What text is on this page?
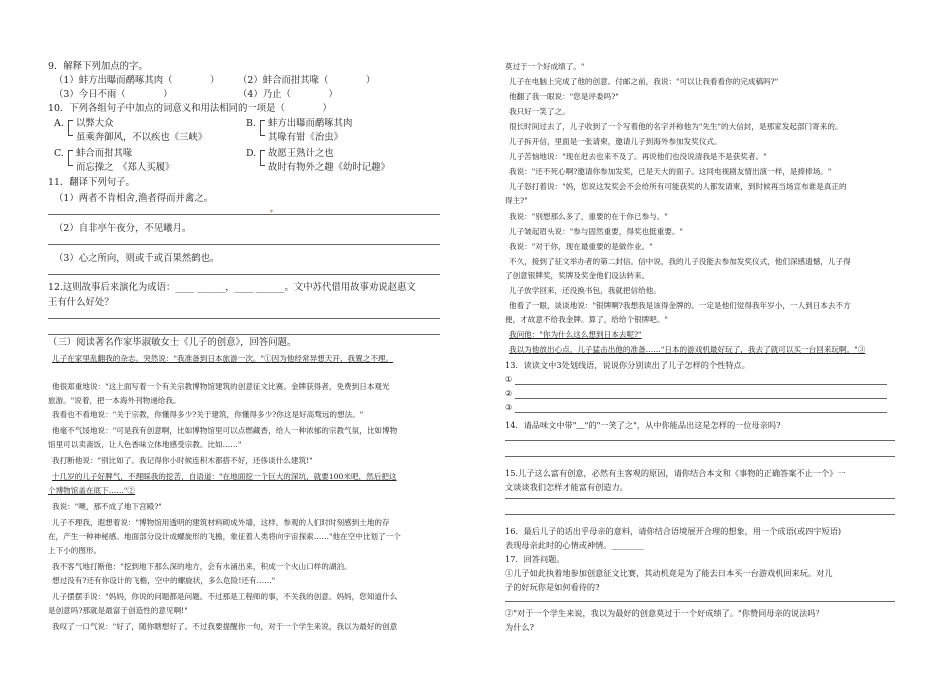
9．解释下列加点的字。
（1）蚌方出曝而鹬啄其肉（　　　　） （2）蚌合而拑其喙（　　　　）
（3）今日不雨（　　　　）	（4）乃止（　　　　）
10．下列各组句子中加点的词意义和用法相同的一项是（　　　　）
A. 以弊大众
虽乘奔御风，不以疾也《三峡》
B. 蚌方出曝而鹬啄其肉
其喙有钳《治虫》
C. 蚌合而拑其喙
而忘操之　《郑人买履》
D. 故愿王熟计之也
故时有物外之趣《幼时记趣》
11．翻译下列句子。
（1）两者不肯相舍,渔者得而并禽之。
▾
（2）自非亭午夜分，不见曦月。
（3）心之所向，则或千或百果然鹤也。
12.这则故事后来演化为成语：____ ______，____ ______。文中苏代借用故事劝说赵惠文
王有什么好处？
（三）阅读著名作家毕淑敏女士《儿子的创意》，回答问题。
儿子在家里乱翻我的杂志。突然说："我准备到日本旅游一次。"①因为他经常异想天开，我置之不理。
他很郑重地说："这上面写着一个有关宗教博物馆建筑的创意征文比赛。金牌获得者，免费到日本观光
旅游。"说着，把一本海外刊物递给我。
我看也不看地说："关于宗教，你懂得多少?关于建筑，你懂得多少?你这是好高骛远的想法。"
他毫不气馁地说："可是我有创意啊，比如博物馆里可以点燃藏香，给人一种浓郁的宗教气氛，比如博物
馆里可以卖斋饭，让人色香味立体地感受宗教。比如……"
我打断他说："别比如了。我记得你小时候连积木都搭不好，还侈谈什么建筑!"
十几岁的儿子好脾气，不理睬我的挖苦，自语道："在地面挖一个巨大的深坑，就要100米吧，然后把这
个博物馆盖在底下……"②
我说："噢，那不成了地下宫殿?"
儿子不理我，遐想着说："博物馆用透明的建筑材料砌成外墙，这样，参观的人们时时刻感到土地的存
在，产生一种神秘感。地面部分设计成螺旋形的飞檐，象征着人类将向宇宙探索……"他在空中比划了一个
上下小的图形。
我不客气地打断他："挖到地下那么深的地方，会有水涌出来，积成一个火山口样的湖泊。
想过没有?还有你设计的飞檐，空中的螺旋状，多么危险!还有……"
儿子摆摆手说："妈妈，你说的问题都是问题。不过那是工程师的事，不关我的创意。妈妈，您知道什么
是创意吗?那就是最富于创造性的意见啊!"
我叹了一口气说："好了，随你瞎想好了。不过我要提醒你一句，对于一个学生来说，我以为最好的创意
莫过于一个好成绩了。"
儿子在电脑上完成了他的创意。付邮之前，我说："可以让我看看你的完成稿吗?"
他翻了我一眼说："您是评委吗?"
我只好一笑了之。
很长时间过去了，儿子收到了一个写着他的名字并称他为"先生"的大信封，是那家发起部门寄来的。
儿子拆开信，里面是一张请柬，邀请儿子到海外参加发奖仪式。
儿子苦恼地说："现在赶去也来不及了。再说他们也没说清我是不是获奖者。"
我说："还不死心啊?邀请你参加发奖，已是天大的面子。这同电视剧友情出演一样，是捧捧场。"
儿子怒打着说："妈，您说这发奖会不会给所有可能获奖的人都发请柬，到时候再当场宣布谁是真正的
得主?"
我说："别想那么多了，重要的在于你已参与。"
儿子皱起眉头说："参与固然重要，得奖也挺重要。"
我说："对于你，现在最重要的是做作业。"
不久，接到了征文举办者的第二封信。信中说，我的儿子没能去参加发奖仪式，他们深感遗憾，儿子得
了创意银牌奖，奖牌及奖金他们设法转来。
儿子放学回来，还没换书包，我就把信给他。
他看了一眼，谈谈地说："银牌啊?我想我是该得金牌的。一定是他们觉得我年岁小，一人到日本去不方
便，才故意不给我金牌。算了，给给个银牌吧。"
我问他："你为什么这么想到日本去呢?"
我以为他放出心点，儿子猛击出他的准备……"日本的游戏机最好玩了，我去了就可以买一台回来玩啊。"③
13．读读文中3处划线语，说说你分别读出了儿子怎样的个性特点。
①
②
③
14．请品味文中带"﹏"的"一笑了之"，从中你能品出这是怎样的一位母亲吗?
15.儿子这么富有创意，必然有主客观的原因，请你结合本文和《事物的正确答案不止一个》一
文谈谈我们怎样才能富有创造力。
16．最后儿子的话出乎母亲的意料，请你结合语境展开合理的想象，用一个成语(或四字短语)
表现母亲此时的心情或神情。________
17．回答问题。
①儿子如此执着地参加创意征文比赛，其动机竟是为了能去日本买一台游戏机回来玩。对儿
子的好玩你是如何看待的?
②"对于一个学生来说，我以为最好的创意莫过于一个好成绩了。"你赞同母亲的说法吗？
为什么?
